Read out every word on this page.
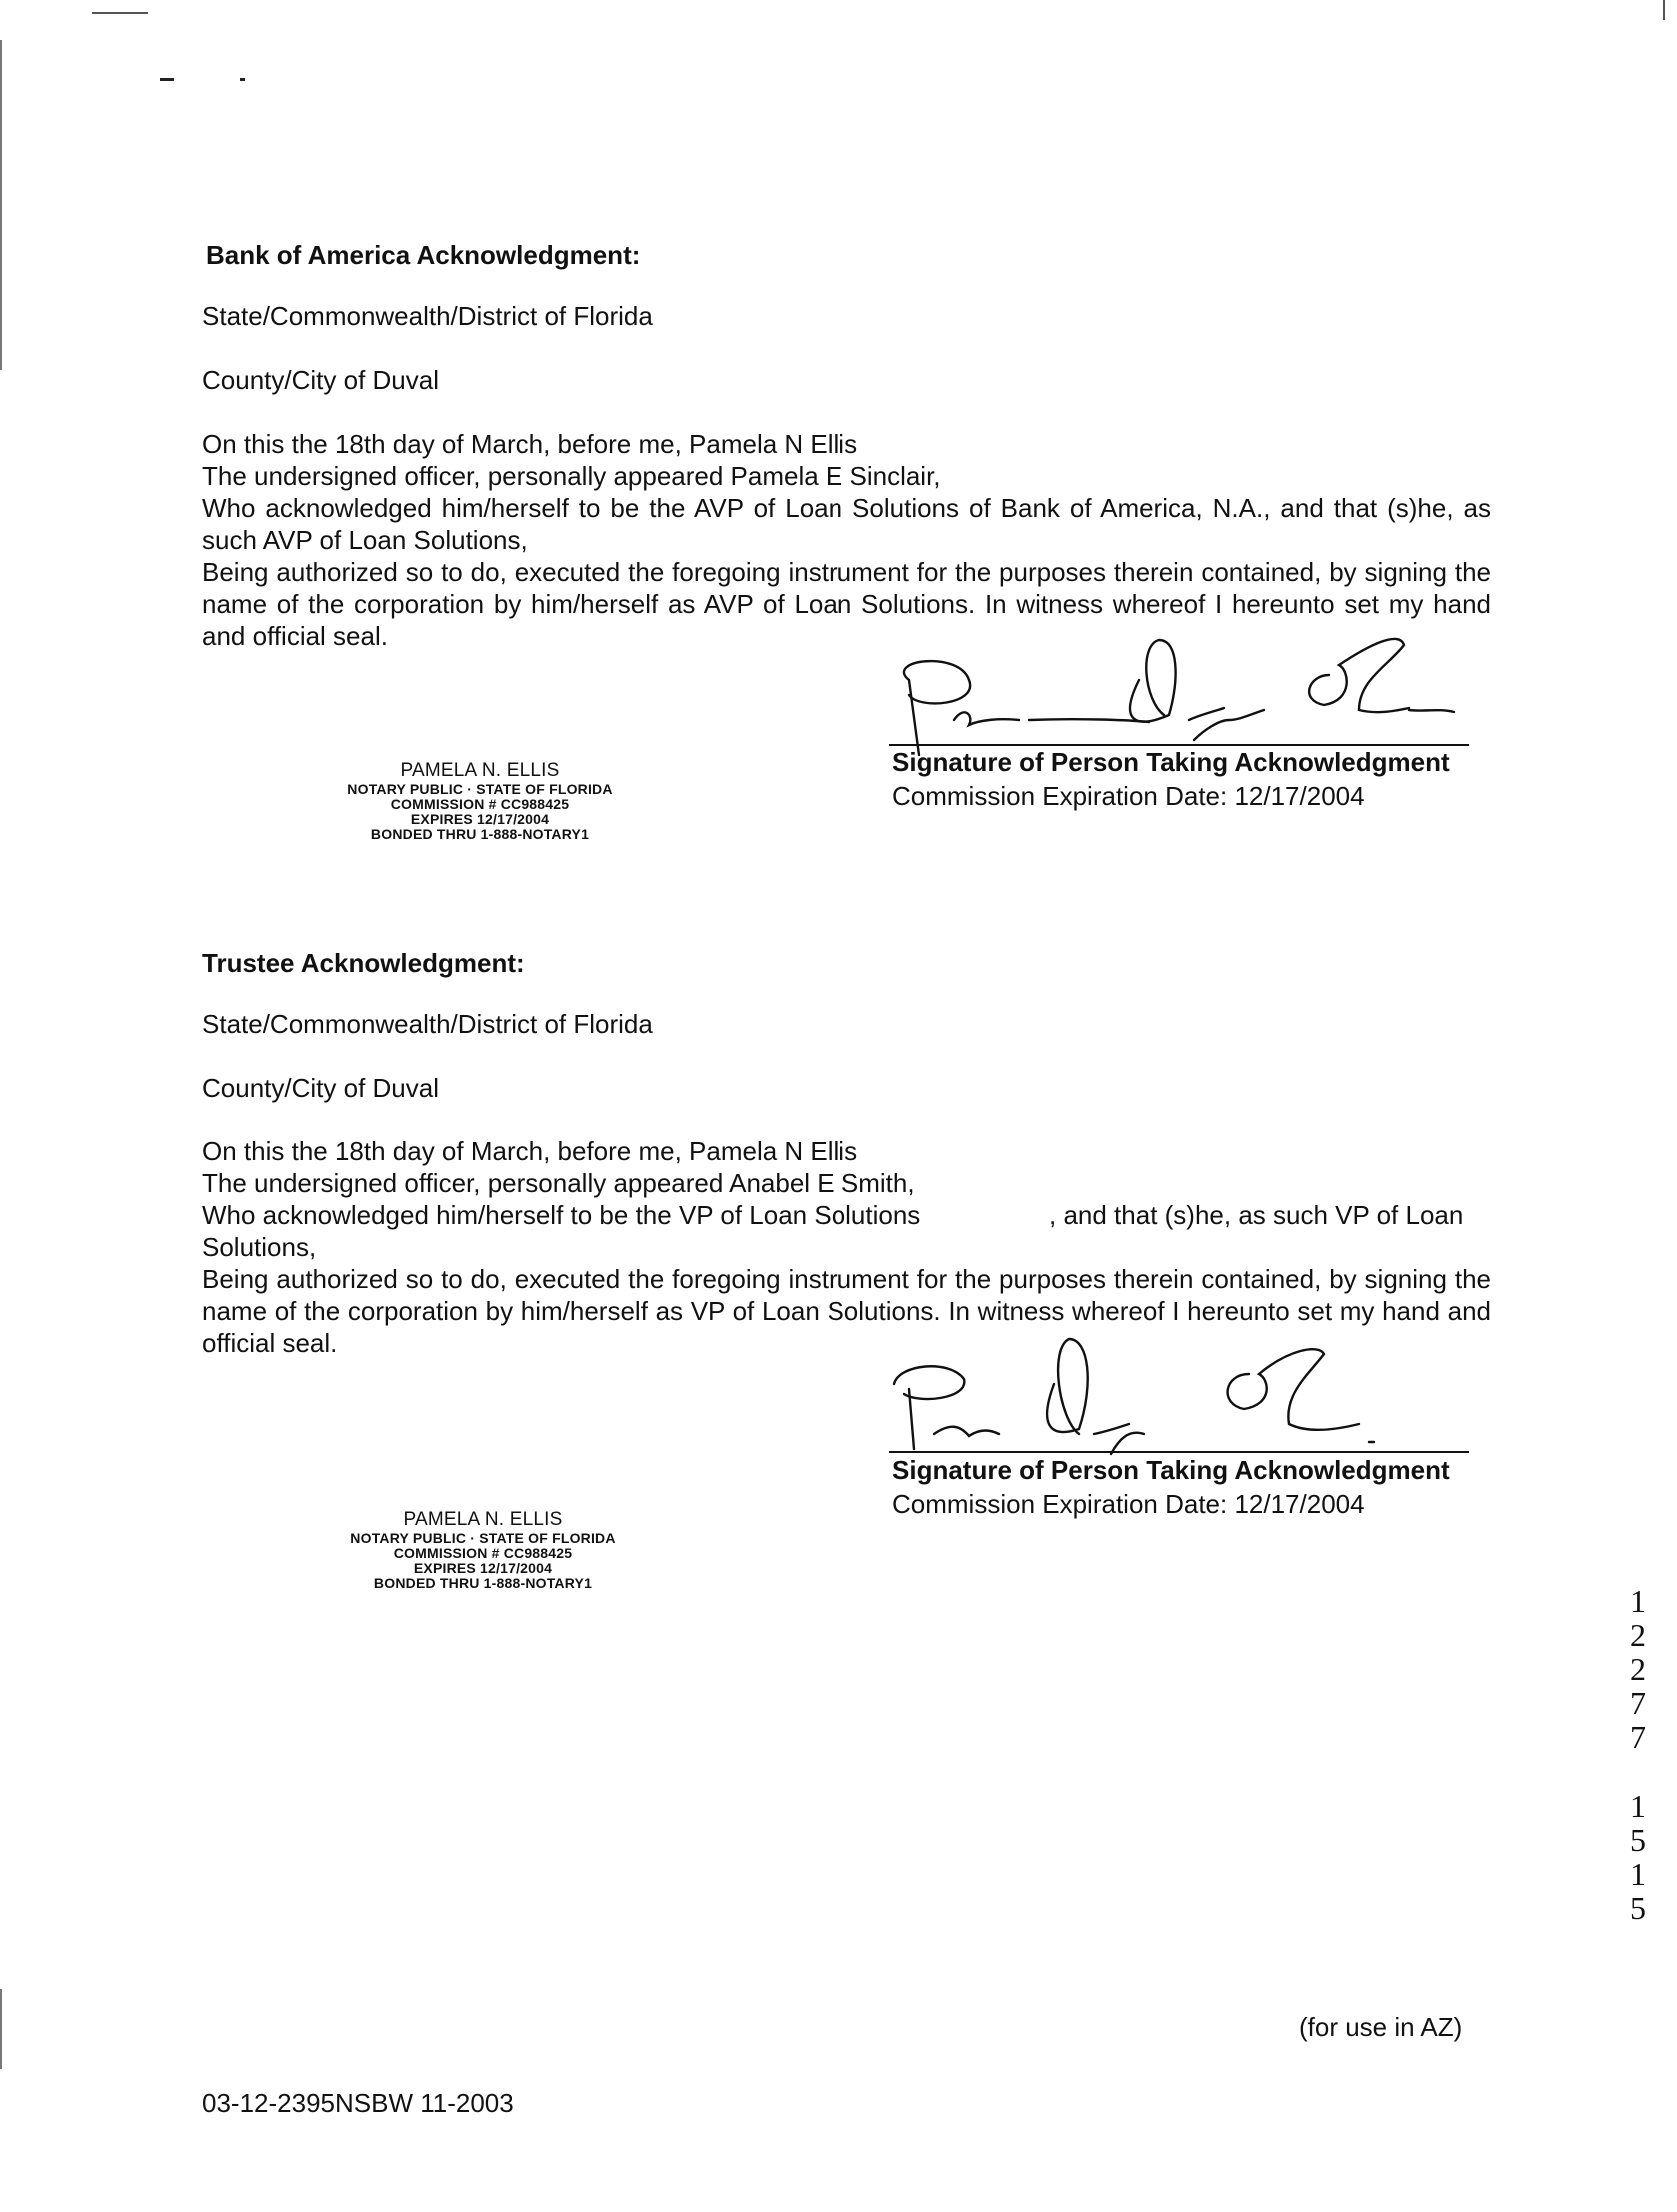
Bank of America Acknowledgment:
State/Commonwealth/District of Florida
County/City of Duval
On this the 18th day of March, before me, Pamela N Ellis
The undersigned officer, personally appeared Pamela E Sinclair,
Who acknowledged him/herself to be the AVP of Loan Solutions of Bank of America, N.A., and that (s)he, as such AVP of Loan Solutions,
Being authorized so to do, executed the foregoing instrument for the purposes therein contained, by signing the name of the corporation by him/herself as AVP of Loan Solutions. In witness whereof I hereunto set my hand and official seal.
Signature of Person Taking Acknowledgment
Commission Expiration Date: 12/17/2004
PAMELA N. ELLIS
NOTARY PUBLIC · STATE OF FLORIDA
COMMISSION # CC988425
EXPIRES 12/17/2004
BONDED THRU 1-888-NOTARY1
Trustee Acknowledgment:
State/Commonwealth/District of Florida
County/City of Duval
On this the 18th day of March, before me, Pamela N Ellis
The undersigned officer, personally appeared Anabel E Smith,
Who acknowledged him/herself to be the VP of Loan Solutions	, and that (s)he, as such VP of Loan
Solutions,
Being authorized so to do, executed the foregoing instrument for the purposes therein contained, by signing the name of the corporation by him/herself as VP of Loan Solutions. In witness whereof I hereunto set my hand and official seal.
Signature of Person Taking Acknowledgment
Commission Expiration Date: 12/17/2004
PAMELA N. ELLIS
NOTARY PUBLIC · STATE OF FLORIDA
COMMISSION # CC988425
EXPIRES 12/17/2004
BONDED THRU 1-888-NOTARY1	1
2
2
7
7
1
5
1
5
(for use in AZ)
03-12-2395NSBW 11-2003
